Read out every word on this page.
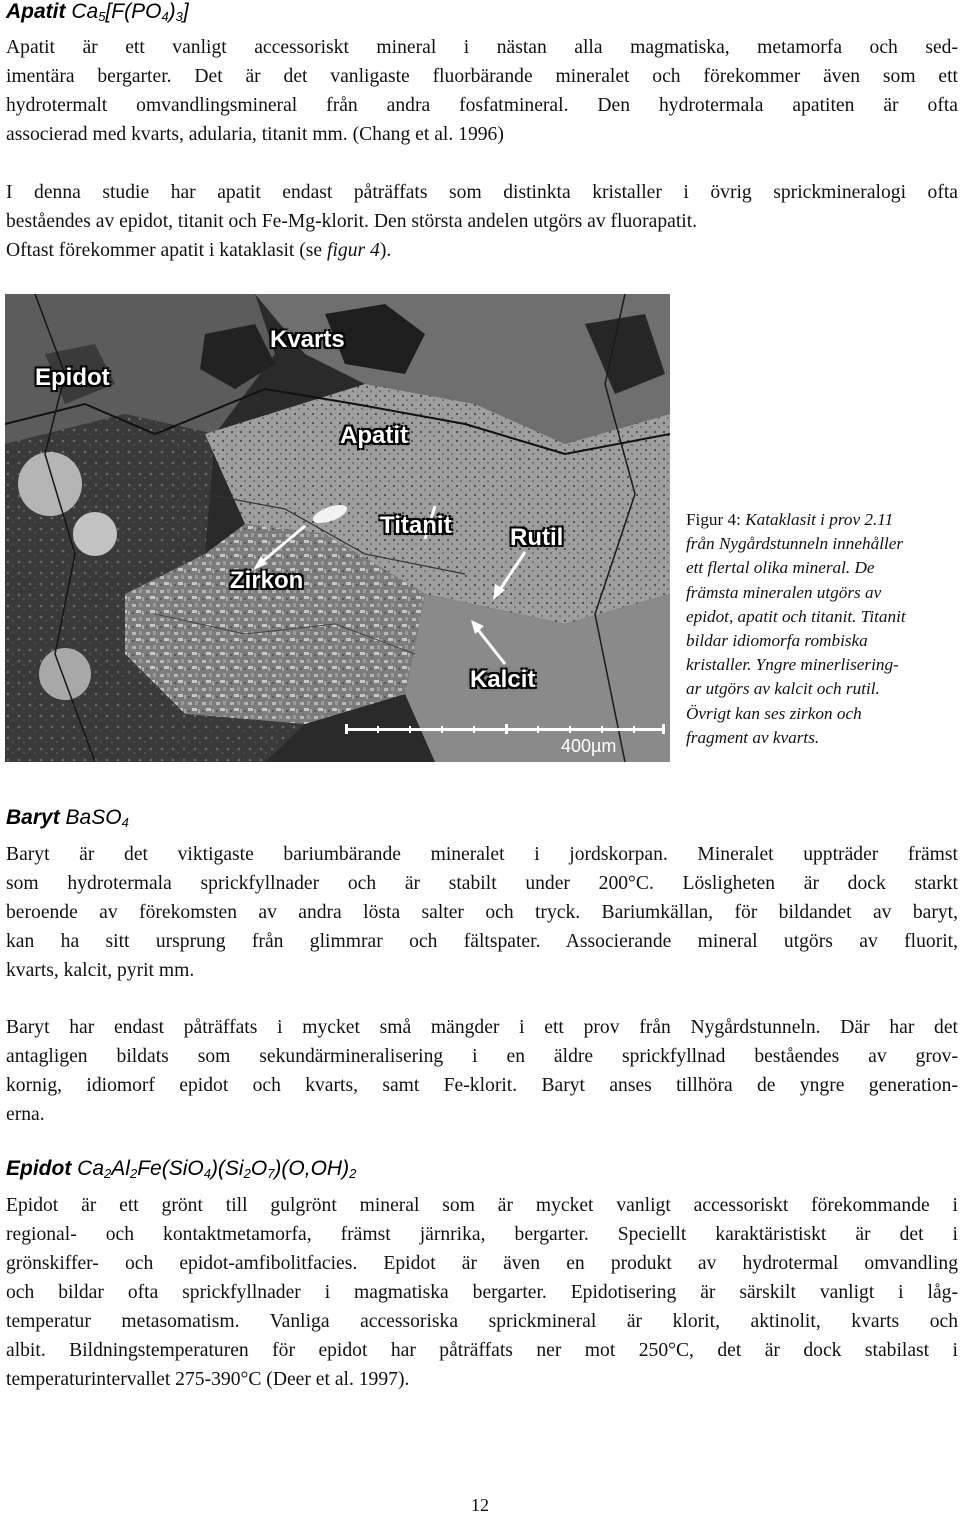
Apatit $Ca_5[F(PO_4)_3]$
Apatit är ett vanligt accessoriskt mineral i nästan alla magmatiska, metamorfa och sed-
imentära bergarter. Det är det vanligaste fluorbärande mineralet och förekommer även som ett
hydrotermalt omvandlingsmineral från andra fosfatmineral. Den hydrotermala apatiten är ofta
associerad med kvarts, adularia, titanit mm. (Chang et al. 1996)
I denna studie har apatit endast påträffats som distinkta kristaller i övrig sprickmineralogi ofta
beståendes av epidot, titanit och Fe-Mg-klorit. Den största andelen utgörs av fluorapatit.
Oftast förekommer apatit i kataklasit (se figur 4).
Kvarts
Epidot
Apatit
Titanit Rutil
Zirkon
Kalcit
400µm
Figur 4: Kataklasit i prov 2.11
från Nygårdstunneln innehåller
ett flertal olika mineral. De
främsta mineralen utgörs av
epidot, apatit och titanit. Titanit
bildar idiomorfa rombiska
kristaller. Yngre minerlisering-
ar utgörs av kalcit och rutil.
Övrigt kan ses zirkon och
fragment av kvarts.
Baryt BaSO$_4$
Baryt är det viktigaste bariumbärande mineralet i jordskorpan. Mineralet uppträder främst
som hydrotermala sprickfyllnader och är stabilt under 200°C. Lösligheten är dock starkt
beroende av förekomsten av andra lösta salter och tryck. Bariumkällan, för bildandet av baryt,
kan ha sitt ursprung från glimmrar och fältspater. Associerande mineral utgörs av fluorit,
kvarts, kalcit, pyrit mm.
Baryt har endast påträffats i mycket små mängder i ett prov från Nygårdstunneln. Där har det
antagligen bildats som sekundärmineralisering i en äldre sprickfyllnad beståendes av grov-
kornig, idiomorf epidot och kvarts, samt Fe-klorit. Baryt anses tillhöra de yngre generation-
erna.
Epidot $Ca_2Al_2Fe(SiO_4)(Si_2O_7)(O,OH)_2$
Epidot är ett grönt till gulgrönt mineral som är mycket vanligt accessoriskt förekommande i
regional- och kontaktmetamorfa, främst järnrika, bergarter. Speciellt karaktäristiskt är det i
grönskiffer- och epidot-amfibolitfacies. Epidot är även en produkt av hydrotermal omvandling
och bildar ofta sprickfyllnader i magmatiska bergarter. Epidotisering är särskilt vanligt i låg-
temperatur metasomatism. Vanliga accessoriska sprickmineral är klorit, aktinolit, kvarts och
albit. Bildningstemperaturen för epidot har påträffats ner mot 250°C, det är dock stabilast i
temperaturintervallet 275-390°C (Deer et al. 1997).
12
